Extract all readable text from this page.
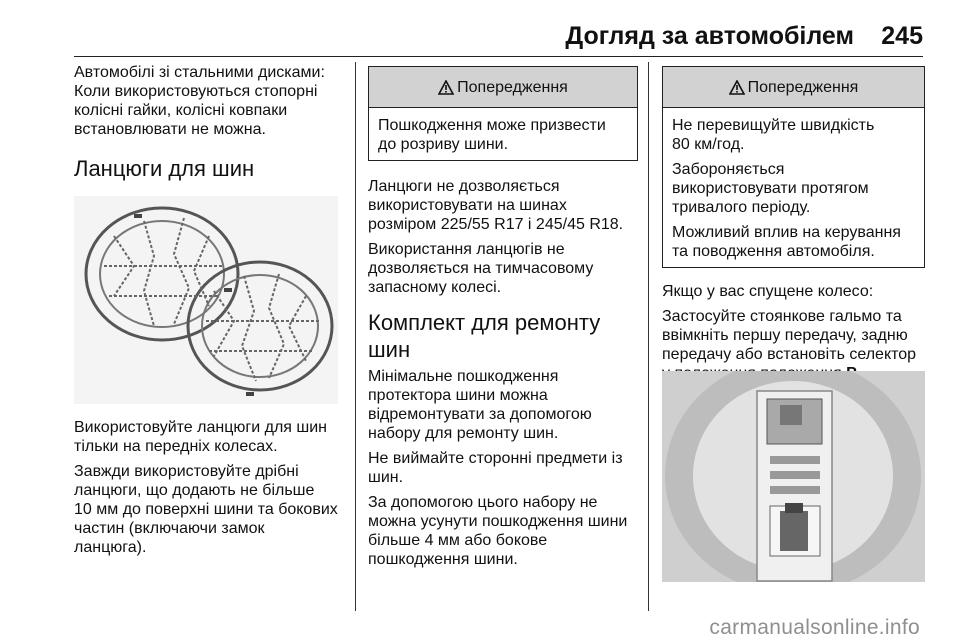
Догляд за автомобілем 245

Автомобілі зі стальними дисками:
Коли використовуються стопорні
колісні гайки, колісні ковпаки
встановлювати не можна.

Ланцюги для шин

Використовуйте ланцюги для шин
тільки на передніх колесах.

Завжди використовуйте дрібні
ланцюги, що додають не більше
10 мм до поверхні шини та бокових
частин (включаючи замок
ланцюга).

Попередження
Пошкодження може призвести
до розриву шини.

Ланцюги не дозволяється
використовувати на шинах
розміром 225/55 R17 і 245/45 R18.

Використання ланцюгів не
дозволяється на тимчасовому
запасному колесі.

Комплект для ремонту
шин

Мінімальне пошкодження
протектора шини можна
відремонтувати за допомогою
набору для ремонту шин.

Не виймайте сторонні предмети із
шин.

За допомогою цього набору не
можна усунути пошкодження шини
більше 4 мм або бокове
пошкодження шини.

Попередження

Не перевищуйте швидкість
80 км/год.

Забороняється
використовувати протягом
тривалого періоду.

Можливий вплив на керування
та поводження автомобіля.

Якщо у вас спущене колесо:

Застосуйте стоянкове гальмо та
ввімкніть першу передачу, задню
передачу або встановіть селектор

carmanualsonline.info
